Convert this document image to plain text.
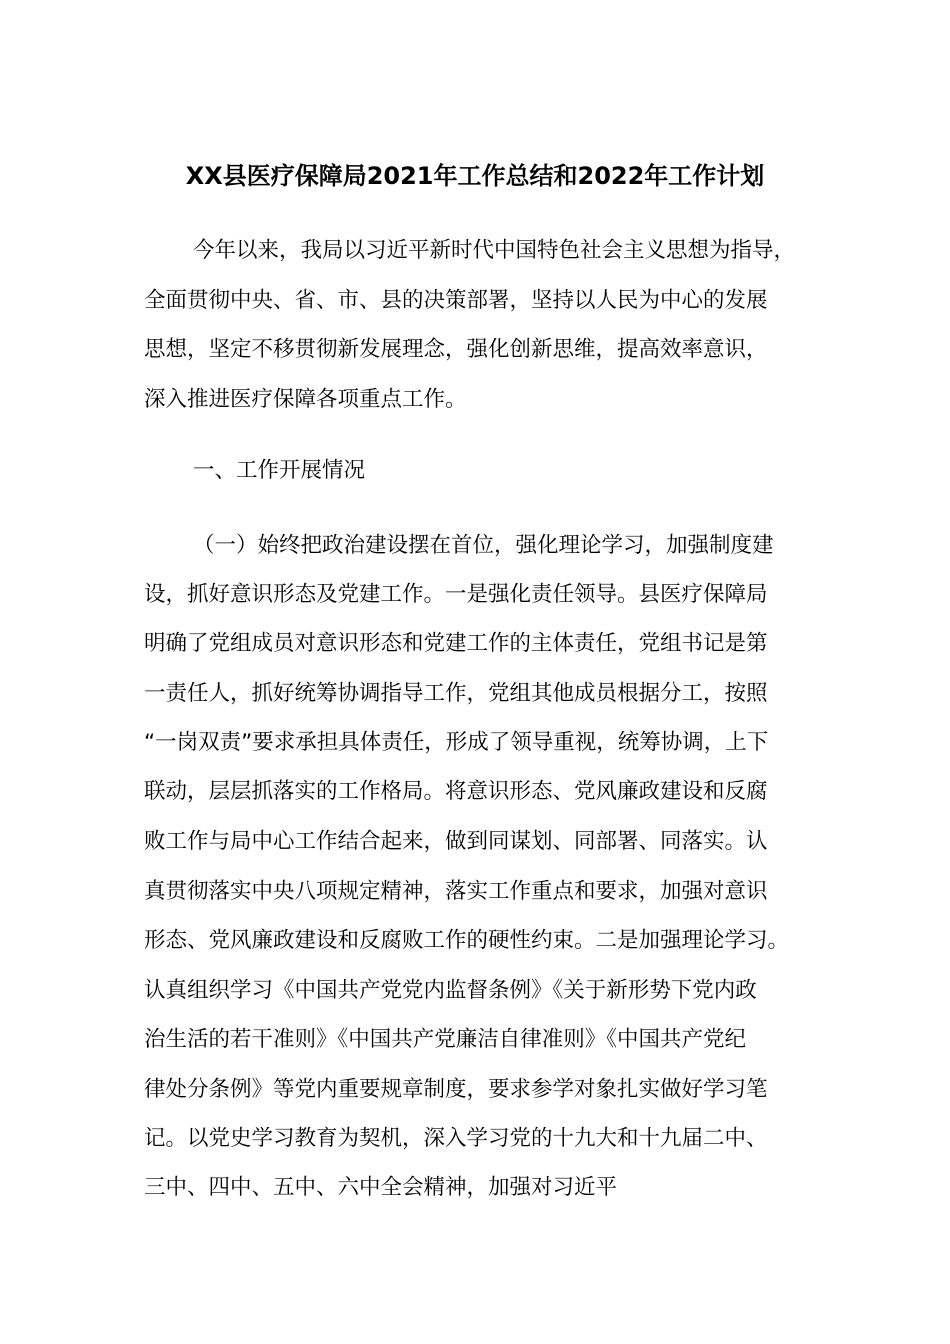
XX县医疗保障局2021年工作总结和2022年工作计划
今年以来，我局以习近平新时代中国特色社会主义思想为指导，
全面贯彻中央、省、市、县的决策部署，坚持以人民为中心的发展
思想，坚定不移贯彻新发展理念，强化创新思维，提高效率意识，
深入推进医疗保障各项重点工作。
一、工作开展情况
（一）始终把政治建设摆在首位，强化理论学习，加强制度建
设，抓好意识形态及党建工作。一是强化责任领导。县医疗保障局
明确了党组成员对意识形态和党建工作的主体责任，党组书记是第
一责任人，抓好统筹协调指导工作，党组其他成员根据分工，按照
“一岗双责”要求承担具体责任，形成了领导重视，统筹协调，上下
联动，层层抓落实的工作格局。将意识形态、党风廉政建设和反腐
败工作与局中心工作结合起来，做到同谋划、同部署、同落实。认
真贯彻落实中央八项规定精神，落实工作重点和要求，加强对意识
形态、党风廉政建设和反腐败工作的硬性约束。二是加强理论学习。
认真组织学习《中国共产党党内监督条例》《关于新形势下党内政
治生活的若干准则》《中国共产党廉洁自律准则》《中国共产党纪
律处分条例》等党内重要规章制度，要求参学对象扎实做好学习笔
记。以党史学习教育为契机，深入学习党的十九大和十九届二中、
三中、四中、五中、六中全会精神，加强对习近平
